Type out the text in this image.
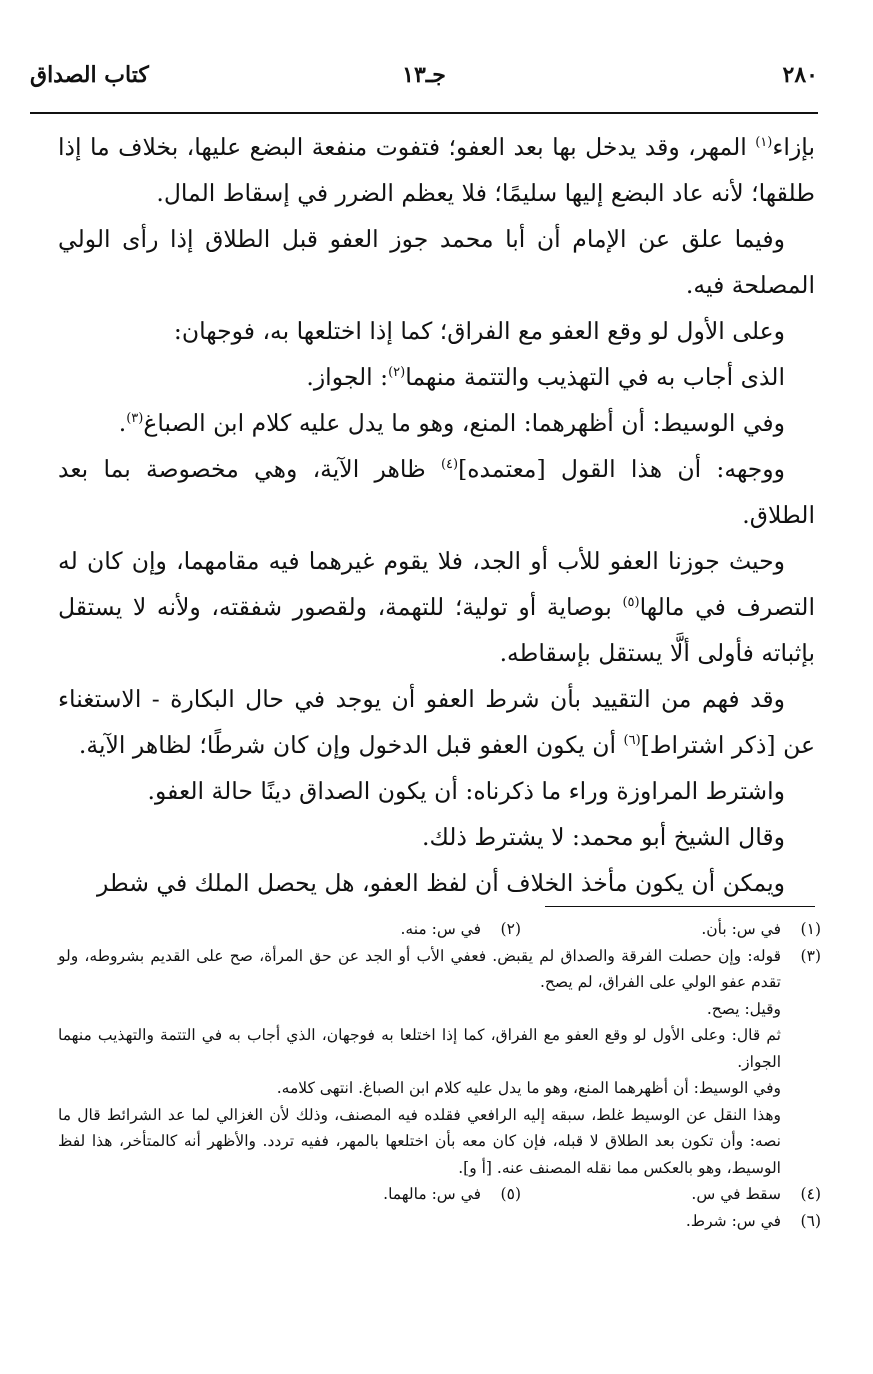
٢٨٠
جـ١٣
كتاب الصداق

بإزاء$^{(١)}$ المهر، وقد يدخل بها بعد العفو؛ فتفوت منفعة البضع عليها، بخلاف ما إذا طلقها؛ لأنه عاد البضع إليها سليمًا؛ فلا يعظم الضرر في إسقاط المال.

وفيما علق عن الإمام أن أبا محمد جوز العفو قبل الطلاق إذا رأى الولي المصلحة فيه.

وعلى الأول لو وقع العفو مع الفراق؛ كما إذا اختلعها به، فوجهان:

الذى أجاب به في التهذيب والتتمة منهما$^{(٢)}$: الجواز.

وفي الوسيط: أن أظهرهما: المنع، وهو ما يدل عليه كلام ابن الصباغ$^{(٣)}$.

ووجهه: أن هذا القول [معتمده]$^{(٤)}$ ظاهر الآية، وهي مخصوصة بما بعد الطلاق.

وحيث جوزنا العفو للأب أو الجد، فلا يقوم غيرهما فيه مقامهما، وإن كان له التصرف في مالها$^{(٥)}$ بوصاية أو تولية؛ للتهمة، ولقصور شفقته، ولأنه لا يستقل بإثباته فأولى ألَّا يستقل بإسقاطه.

وقد فهم من التقييد بأن شرط العفو أن يوجد في حال البكارة - الاستغناء عن [ذكر اشتراط]$^{(٦)}$ أن يكون العفو قبل الدخول وإن كان شرطًا؛ لظاهر الآية.

واشترط المراوزة وراء ما ذكرناه: أن يكون الصداق دينًا حالة العفو.

وقال الشيخ أبو محمد: لا يشترط ذلك.

ويمكن أن يكون مأخذ الخلاف أن لفظ العفو، هل يحصل الملك في شطر

(١)
في س: بأن.
(٢)
في س: منه.
(٣)
قوله: وإن حصلت الفرقة والصداق لم يقبض. فعفي الأب أو الجد عن حق المرأة، صح على القديم بشروطه، ولو تقدم عفو الولي على الفراق، لم يصح.
وقيل: يصح.
ثم قال: وعلى الأول لو وقع العفو مع الفراق، كما إذا اختلعا به فوجهان، الذي أجاب به في التتمة والتهذيب منهما الجواز.
وفي الوسيط: أن أظهرهما المنع، وهو ما يدل عليه كلام ابن الصباغ. انتهى كلامه.
وهذا النقل عن الوسيط غلط، سبقه إليه الرافعي فقلده فيه المصنف، وذلك لأن الغزالي لما عد الشرائط قال ما نصه: وأن تكون بعد الطلاق لا قبله، فإن كان معه بأن اختلعها بالمهر، ففيه تردد. والأظهر أنه كالمتأخر، هذا لفظ الوسيط، وهو بالعكس مما نقله المصنف عنه. [أ و].
(٤)
سقط في س.
(٥)
في س: مالهما.
(٦)
في س: شرط.
